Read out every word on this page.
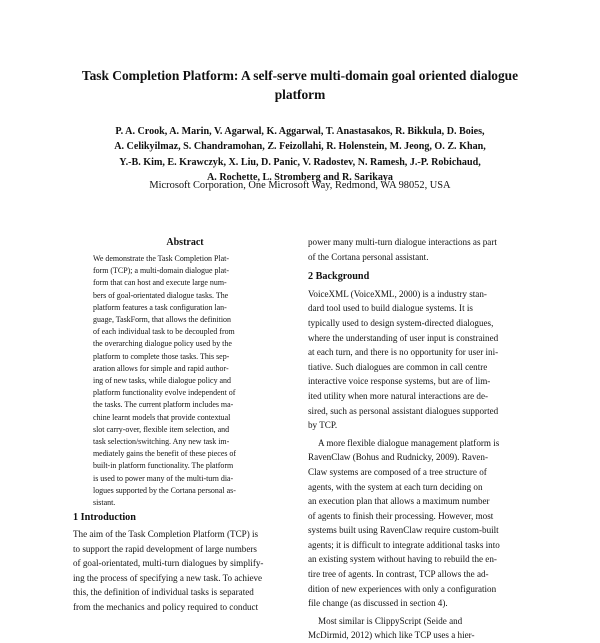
Task Completion Platform: A self-serve multi-domain goal oriented dialogue
platform
P. A. Crook, A. Marin, V. Agarwal, K. Aggarwal, T. Anastasakos, R. Bikkula, D. Boies,
A. Celikyilmaz, S. Chandramohan, Z. Feizollahi, R. Holenstein, M. Jeong, O. Z. Khan,
Y.-B. Kim, E. Krawczyk, X. Liu, D. Panic, V. Radostev, N. Ramesh, J.-P. Robichaud,
A. Rochette, L. Stromberg and R. Sarikaya
Microsoft Corporation, One Microsoft Way, Redmond, WA 98052, USA
Abstract
We demonstrate the Task Completion Plat-
form (TCP); a multi-domain dialogue plat-
form that can host and execute large num-
bers of goal-orientated dialogue tasks. The
platform features a task configuration lan-
guage, TaskForm, that allows the definition
of each individual task to be decoupled from
the overarching dialogue policy used by the
platform to complete those tasks. This sep-
aration allows for simple and rapid author-
ing of new tasks, while dialogue policy and
platform functionality evolve independent of
the tasks. The current platform includes ma-
chine learnt models that provide contextual
slot carry-over, flexible item selection, and
task selection/switching. Any new task im-
mediately gains the benefit of these pieces of
built-in platform functionality. The platform
is used to power many of the multi-turn dia-
logues supported by the Cortana personal as-
sistant.
1 Introduction
The aim of the Task Completion Platform (TCP) is
to support the rapid development of large numbers
of goal-orientated, multi-turn dialogues by simplify-
ing the process of specifying a new task. To achieve
this, the definition of individual tasks is separated
from the mechanics and policy required to conduct
power many multi-turn dialogue interactions as part
of the Cortana personal assistant.
2 Background
VoiceXML (VoiceXML, 2000) is a industry stan-
dard tool used to build dialogue systems. It is
typically used to design system-directed dialogues,
where the understanding of user input is constrained
at each turn, and there is no opportunity for user ini-
tiative. Such dialogues are common in call centre
interactive voice response systems, but are of lim-
ited utility when more natural interactions are de-
sired, such as personal assistant dialogues supported
by TCP.
A more flexible dialogue management platform is
RavenClaw (Bohus and Rudnicky, 2009). Raven-
Claw systems are composed of a tree structure of
agents, with the system at each turn deciding on
an execution plan that allows a maximum number
of agents to finish their processing. However, most
systems built using RavenClaw require custom-built
agents; it is difficult to integrate additional tasks into
an existing system without having to rebuild the en-
tire tree of agents. In contrast, TCP allows the ad-
dition of new experiences with only a configuration
file change (as discussed in section 4).
Most similar is ClippyScript (Seide and
McDirmid, 2012) which like TCP uses a hier-
